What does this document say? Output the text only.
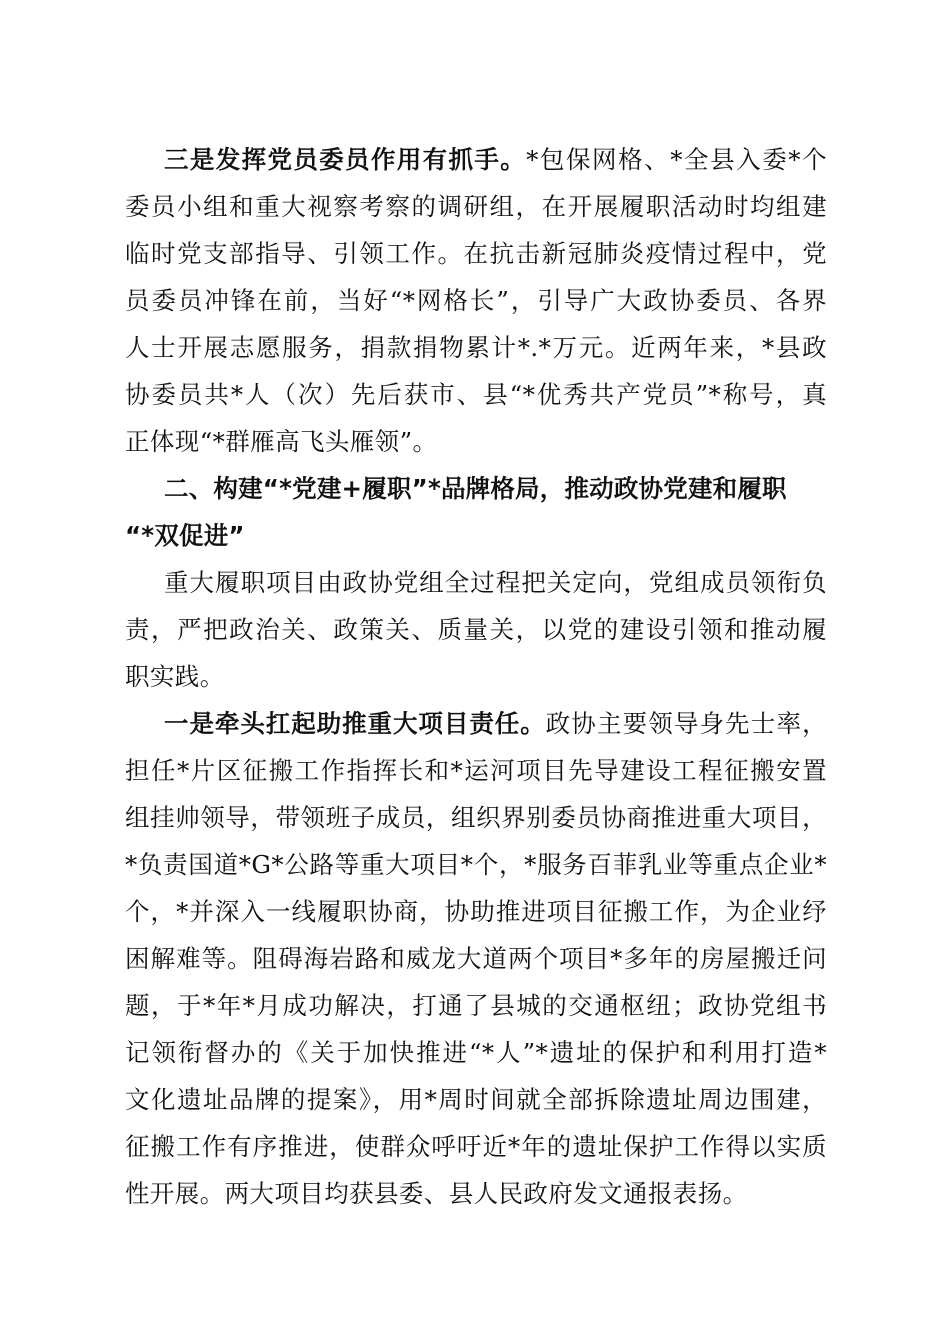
三是发挥党员委员作用有抓手。*包保网格、*全县入委*个
委员小组和重大视察考察的调研组，在开展履职活动时均组建
临时党支部指导、引领工作。在抗击新冠肺炎疫情过程中，党
员委员冲锋在前，当好“*网格长”，引导广大政协委员、各界
人士开展志愿服务，捐款捐物累计*.*万元。近两年来，*县政
协委员共*人（次）先后获市、县“*优秀共产党员”*称号，真
正体现“*群雁高飞头雁领”。
二、构建“*党建+履职”*品牌格局，推动政协党建和履职
“*双促进”
重大履职项目由政协党组全过程把关定向，党组成员领衔负
责，严把政治关、政策关、质量关，以党的建设引领和推动履
职实践。
一是牵头扛起助推重大项目责任。政协主要领导身先士率，
担任*片区征搬工作指挥长和*运河项目先导建设工程征搬安置
组挂帅领导，带领班子成员，组织界别委员协商推进重大项目，
*负责国道*G*公路等重大项目*个，*服务百菲乳业等重点企业*
个，*并深入一线履职协商，协助推进项目征搬工作，为企业纾
困解难等。阻碍海岩路和威龙大道两个项目*多年的房屋搬迁问
题，于*年*月成功解决，打通了县城的交通枢纽；政协党组书
记领衔督办的《关于加快推进“*人”*遗址的保护和利用打造*
文化遗址品牌的提案》，用*周时间就全部拆除遗址周边围建，
征搬工作有序推进，使群众呼吁近*年的遗址保护工作得以实质
性开展。两大项目均获县委、县人民政府发文通报表扬。
